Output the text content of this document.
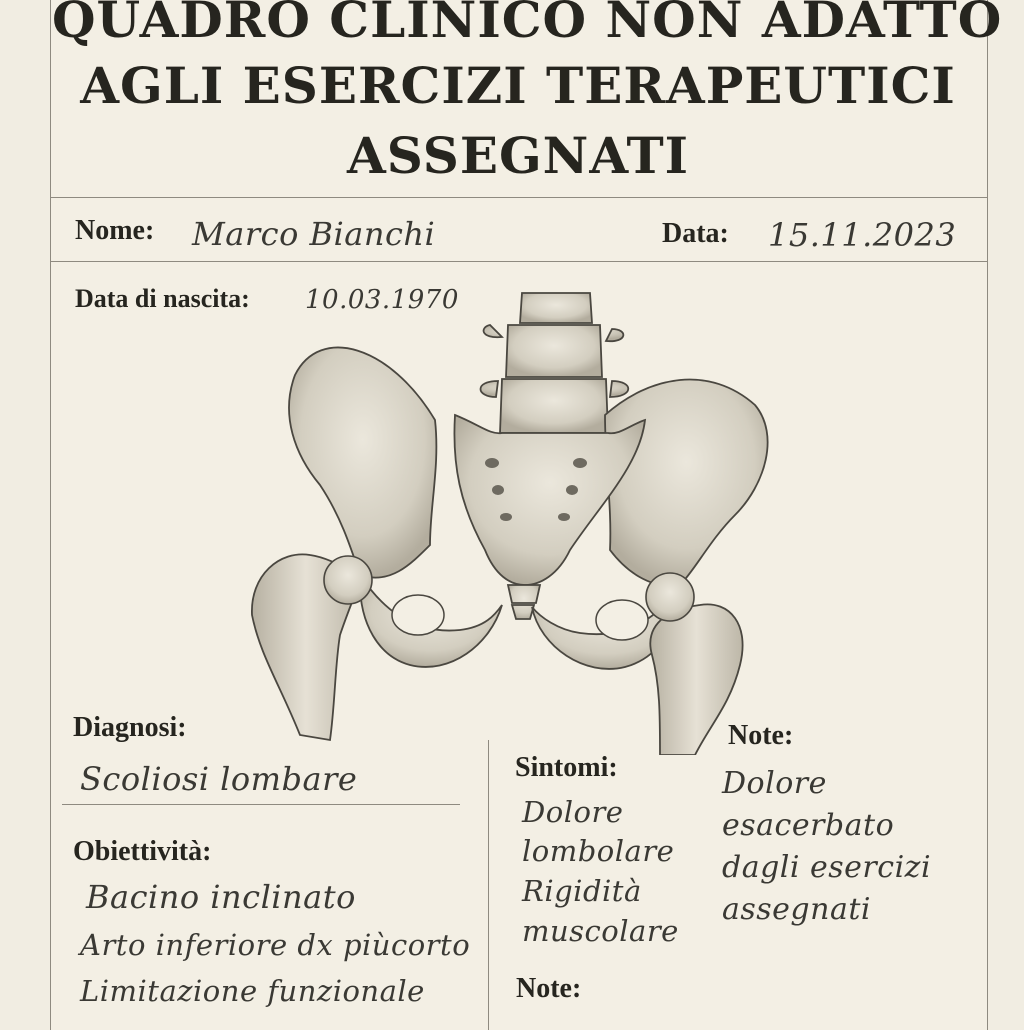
QUADRO CLINICO NON ADATTO
AGLI ESERCIZI TERAPEUTICI
ASSEGNATI
Nome: Marco Bianchi	Data: 15.11.2023
Data di nascita: 10.03.1970
Diagnosi:
Scoliosi lombare
Obiettività:
Bacino inclinato
Arto inferiore dx piùcorto
Limitazione funzionale
Sintomi:
Dolore
lombolare
Rigidità
muscolare
Note:
Dolore
esacerbato
dagli esercizi
assegnati
Note:
